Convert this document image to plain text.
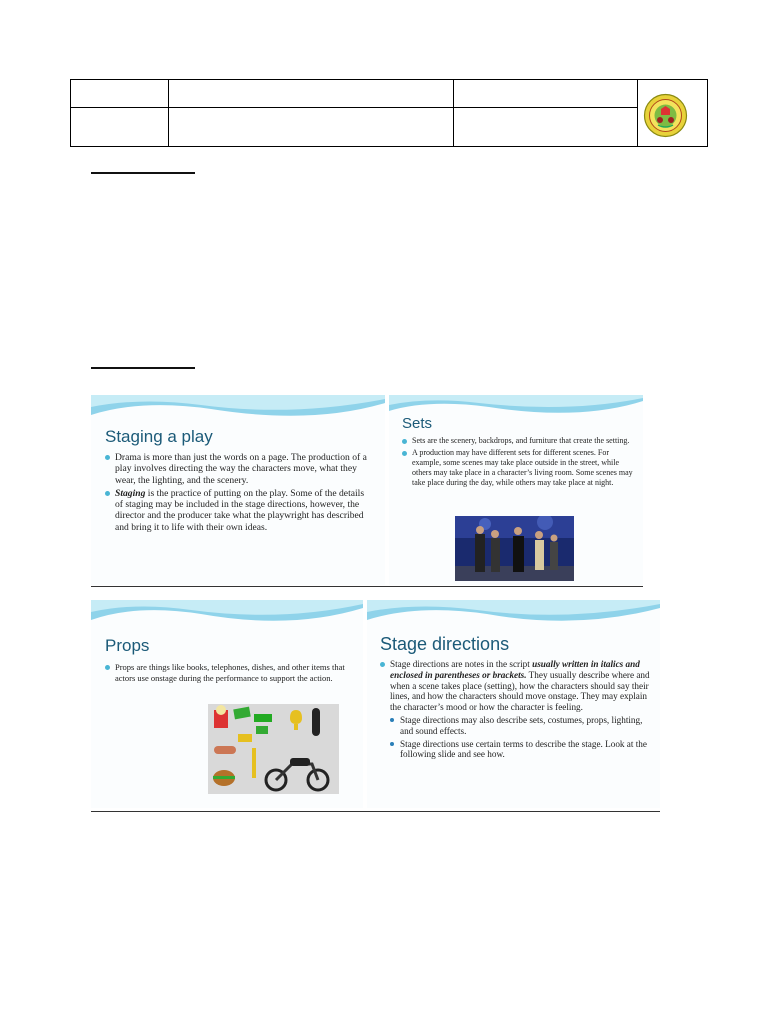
Staging a play
Drama is more than just the words on a page. The production of a play involves directing the way the characters move, what they wear, the lighting, and the scenery.
Staging is the practice of putting on the play. Some of the details of staging may be included in the stage directions, however, the director and the producer take what the playwright has described and bring it to life with their own ideas.
Sets
Sets are the scenery, backdrops, and furniture that create the setting.
A production may have different sets for different scenes. For example, some scenes may take place outside in the street, while others may take place in a character’s living room. Some scenes may take place during the day, while others may take place at night.
Props
Props are things like books, telephones, dishes, and other items that actors use onstage during the performance to support the action.
Stage directions
Stage directions are notes in the script usually written in italics and enclosed in parentheses or brackets. They usually describe where and when a scene takes place (setting), how the characters should say their lines, and how the characters should move onstage. They may explain the character’s mood or how the character is feeling.
Stage directions may also describe sets, costumes, props, lighting, and sound effects.
Stage directions use certain terms to describe the stage. Look at the following slide and see how.
